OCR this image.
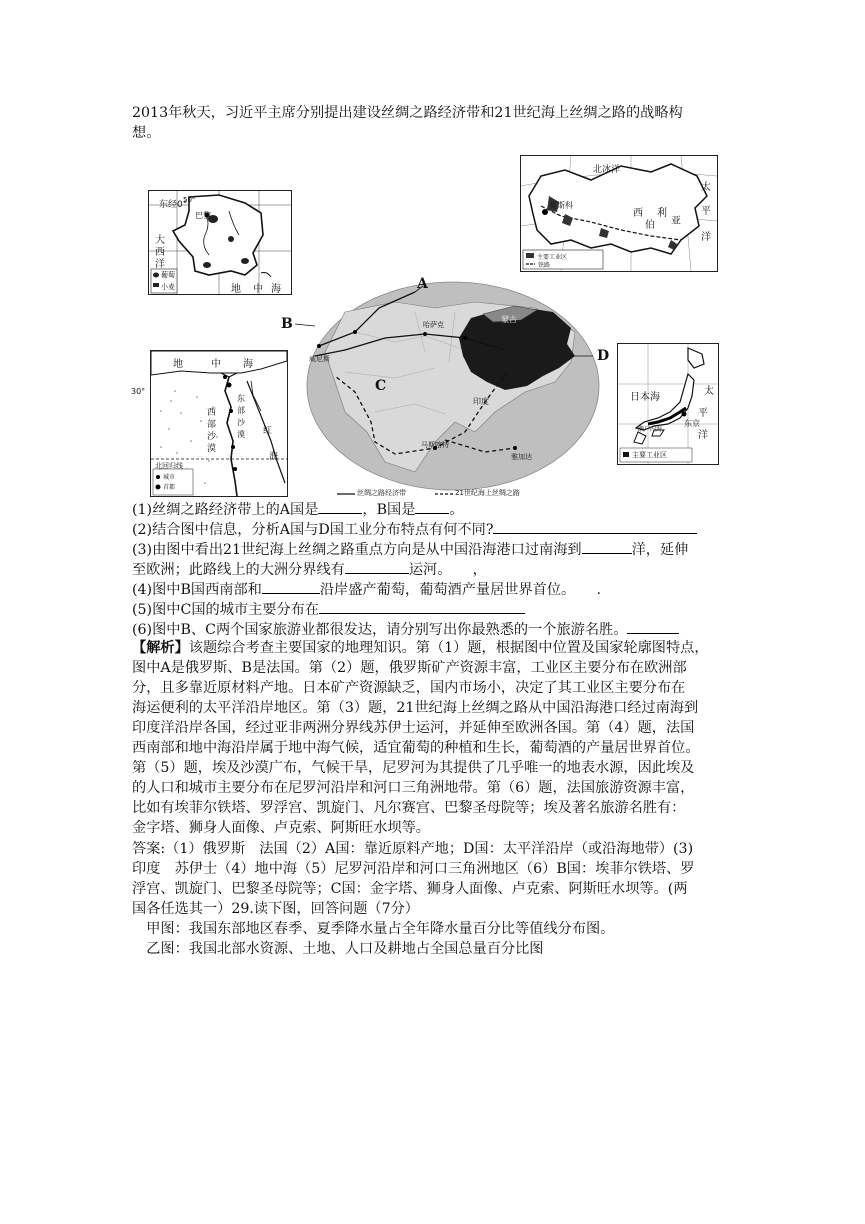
2013年秋天，习近平主席分别提出建设丝绸之路经济带和21世纪海上丝绸之路的战略构
想。
东经0°
大
西
洋
巴黎
地 中 海
葡萄
小麦
50°
北冰洋
太
平
洋
莫斯科
西
伯
利
亚
主要工业区
铁路
A
B
C
D
蒙古
印度
哈萨克
威尼斯
雅加达
马斯喀特
丝绸之路经济带	21世纪海上丝绸之路
地	中 海
西
部
沙
漠
东
部
沙
漠 红
海
北回归线
城市
首都
30°
日本海
太
平
洋
东京
濑户内海
主要工业区
(1)丝绸之路经济带上的A国是	，B国是 。
(2)结合图中信息，分析A国与D国工业分布特点有何不同?
(3)由图中看出21世纪海上丝绸之路重点方向是从中国沿海港口过南海到	洋，延伸
至欧洲；此路线上的大洲分界线有	运河。　　，
(4)图中B国西南部和	沿岸盛产葡萄，葡萄酒产量居世界首位。　　.
(5)图中C国的城市主要分布在
(6)图中B、C两个国家旅游业都很发达，请分别写出你最熟悉的一个旅游名胜。
【解析】该题综合考查主要国家的地理知识。第（1）题，根据图中位置及国家轮廓图特点，
图中A是俄罗斯、B是法国。第（2）题，俄罗斯矿产资源丰富，工业区主要分布在欧洲部
分，且多靠近原材料产地。日本矿产资源缺乏，国内市场小，决定了其工业区主要分布在
海运便利的太平洋沿岸地区。第（3）题，21世纪海上丝绸之路从中国沿海港口经过南海到
印度洋沿岸各国，经过亚非两洲分界线苏伊士运河，并延伸至欧洲各国。第（4）题，法国
西南部和地中海沿岸属于地中海气候，适宜葡萄的种植和生长，葡萄酒的产量居世界首位。
第（5）题，埃及沙漠广布，气候干旱，尼罗河为其提供了几乎唯一的地表水源，因此埃及
的人口和城市主要分布在尼罗河沿岸和河口三角洲地带。第（6）题，法国旅游资源丰富，
比如有埃菲尔铁塔、罗浮宫、凯旋门、凡尔赛宫、巴黎圣母院等；埃及著名旅游名胜有：
金字塔、狮身人面像、卢克索、阿斯旺水坝等。
答案:（1）俄罗斯　法国（2）A国：靠近原料产地；D国：太平洋沿岸（或沿海地带）(3)
印度　苏伊士（4）地中海（5）尼罗河沿岸和河口三角洲地区（6）B国：埃菲尔铁塔、罗
浮宫、凯旋门、巴黎圣母院等；C国：金字塔、狮身人面像、卢克索、阿斯旺水坝等。(两
国各任选其一）29.读下图，回答问题（7分）
　甲图：我国东部地区春季、夏季降水量占全年降水量百分比等值线分布图。
　乙图：我国北部水资源、土地、人口及耕地占全国总量百分比图
